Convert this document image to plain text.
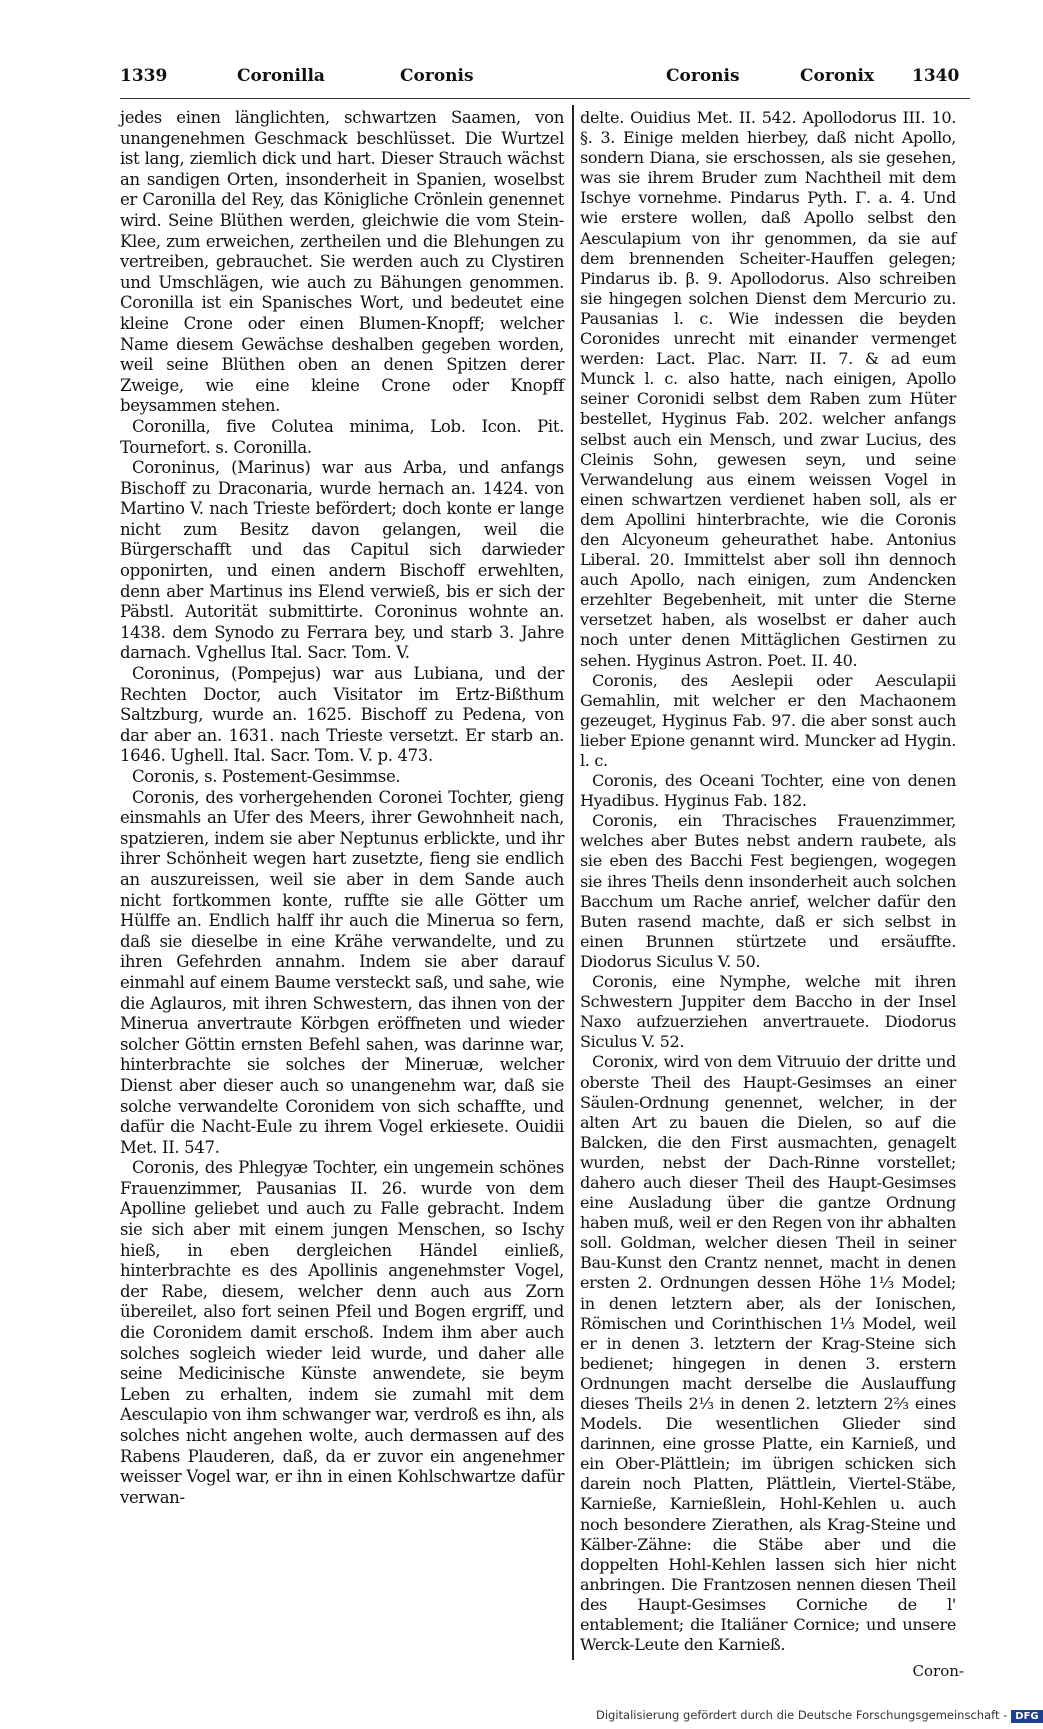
1339	Coronilla	Coronis	Coronis	Coronix 1340

jedes einen länglichten, schwartzen Saamen, von unangenehmen Geschmack beschlüsset. Die Wurtzel ist lang, ziemlich dick und hart. Dieser Strauch wächst an sandigen Orten, insonderheit in Spanien, woselbst er Caronilla del Rey, das Königliche Crönlein genennet wird. Seine Blüthen werden, gleichwie die vom Stein-Klee, zum erweichen, zertheilen und die Blehungen zu vertreiben, gebrauchet. Sie werden auch zu Clystiren und Umschlägen, wie auch zu Bähungen genommen. Coronilla ist ein Spanisches Wort, und bedeutet eine kleine Crone oder einen Blumen-Knopff; welcher Name diesem Gewächse deshalben gegeben worden, weil seine Blüthen oben an denen Spitzen derer Zweige, wie eine kleine Crone oder Knopff beysammen stehen.

Coronilla, five Colutea minima, Lob. Icon. Pit. Tournefort. s. Coronilla.

Coroninus, (Marinus) war aus Arba, und anfangs Bischoff zu Draconaria, wurde hernach an. 1424. von Martino V. nach Trieste befördert; doch konte er lange nicht zum Besitz davon gelangen, weil die Bürgerschafft und das Capitul sich darwieder opponirten, und einen andern Bischoff erwehlten, denn aber Martinus ins Elend verwieß, bis er sich der Päbstl. Autorität submittirte. Coroninus wohnte an. 1438. dem Synodo zu Ferrara bey, und starb 3. Jahre darnach. Vghellus Ital. Sacr. Tom. V.

Coroninus, (Pompejus) war aus Lubiana, und der Rechten Doctor, auch Visitator im Ertz-Bißthum Saltzburg, wurde an. 1625. Bischoff zu Pedena, von dar aber an. 1631. nach Trieste versetzt. Er starb an. 1646. Ughell. Ital. Sacr. Tom. V. p. 473.

Coronis, s. Postement-Gesimmse.

Coronis, des vorhergehenden Coronei Tochter, gieng einsmahls an Ufer des Meers, ihrer Gewohnheit nach, spatzieren, indem sie aber Neptunus erblickte, und ihr ihrer Schönheit wegen hart zusetzte, fieng sie endlich an auszureissen, weil sie aber in dem Sande auch nicht fortkommen konte, ruffte sie alle Götter um Hülffe an. Endlich halff ihr auch die Minerua so fern, daß sie dieselbe in eine Krähe verwandelte, und zu ihren Gefehrden annahm. Indem sie aber darauf einmahl auf einem Baume versteckt saß, und sahe, wie die Aglauros, mit ihren Schwestern, das ihnen von der Minerua anvertraute Körbgen eröffneten und wieder solcher Göttin ernsten Befehl sahen, was darinne war, hinterbrachte sie solches der Mineruæ, welcher Dienst aber dieser auch so unangenehm war, daß sie solche verwandelte Coronidem von sich schaffte, und dafür die Nacht-Eule zu ihrem Vogel erkiesete. Ouidii Met. II. 547.

Coronis, des Phlegyæ Tochter, ein ungemein schönes Frauenzimmer, Pausanias II. 26. wurde von dem Apolline geliebet und auch zu Falle gebracht. Indem sie sich aber mit einem jungen Menschen, so Ischy hieß, in eben dergleichen Händel einließ, hinterbrachte es des Apollinis angenehmster Vogel, der Rabe, diesem, welcher denn auch aus Zorn übereilet, also fort seinen Pfeil und Bogen ergriff, und die Coronidem damit erschoß. Indem ihm aber auch solches sogleich wieder leid wurde, und daher alle seine Medicinische Künste anwendete, sie beym Leben zu erhalten, indem sie zumahl mit dem Aesculapio von ihm schwanger war, verdroß es ihn, als solches nicht angehen wolte, auch dermassen auf des Rabens Plauderen, daß, da er zuvor ein angenehmer weisser Vogel war, er ihn in einen Kohlschwartze dafür verwan-

delte. Ouidius Met. II. 542. Apollodorus III. 10. §. 3. Einige melden hierbey, daß nicht Apollo, sondern Diana, sie erschossen, als sie gesehen, was sie ihrem Bruder zum Nachtheil mit dem Ischye vornehme. Pindarus Pyth. Γ. a. 4. Und wie erstere wollen, daß Apollo selbst den Aesculapium von ihr genommen, da sie auf dem brennenden Scheiter-Hauffen gelegen; Pindarus ib. β. 9. Apollodorus. Also schreiben sie hingegen solchen Dienst dem Mercurio zu. Pausanias l. c. Wie indessen die beyden Coronides unrecht mit einander vermenget werden: Lact. Plac. Narr. II. 7. & ad eum Munck l. c. also hatte, nach einigen, Apollo seiner Coronidi selbst dem Raben zum Hüter bestellet, Hyginus Fab. 202. welcher anfangs selbst auch ein Mensch, und zwar Lucius, des Cleinis Sohn, gewesen seyn, und seine Verwandelung aus einem weissen Vogel in einen schwartzen verdienet haben soll, als er dem Apollini hinterbrachte, wie die Coronis den Alcyoneum geheurathet habe. Antonius Liberal. 20. Immittelst aber soll ihn dennoch auch Apollo, nach einigen, zum Andencken erzehlter Begebenheit, mit unter die Sterne versetzet haben, als woselbst er daher auch noch unter denen Mittäglichen Gestirnen zu sehen. Hyginus Astron. Poet. II. 40.

Coronis, des Aeslepii oder Aesculapii Gemahlin, mit welcher er den Machaonem gezeuget, Hyginus Fab. 97. die aber sonst auch lieber Epione genannt wird. Muncker ad Hygin. l. c.

Coronis, des Oceani Tochter, eine von denen Hyadibus. Hyginus Fab. 182.

Coronis, ein Thracisches Frauenzimmer, welches aber Butes nebst andern raubete, als sie eben des Bacchi Fest begiengen, wogegen sie ihres Theils denn insonderheit auch solchen Bacchum um Rache anrief, welcher dafür den Buten rasend machte, daß er sich selbst in einen Brunnen stürtzete und ersäuffte. Diodorus Siculus V. 50.

Coronis, eine Nymphe, welche mit ihren Schwestern Juppiter dem Baccho in der Insel Naxo aufzuerziehen anvertrauete. Diodorus Siculus V. 52.

Coronix, wird von dem Vitruuio der dritte und oberste Theil des Haupt-Gesimses an einer Säulen-Ordnung genennet, welcher, in der alten Art zu bauen die Dielen, so auf die Balcken, die den First ausmachten, genagelt wurden, nebst der Dach-Rinne vorstellet; dahero auch dieser Theil des Haupt-Gesimses eine Ausladung über die gantze Ordnung haben muß, weil er den Regen von ihr abhalten soll. Goldman, welcher diesen Theil in seiner Bau-Kunst den Crantz nennet, macht in denen ersten 2. Ordnungen dessen Höhe 1⅓ Model; in denen letztern aber, als der Ionischen, Römischen und Corinthischen 1⅓ Model, weil er in denen 3. letztern der Krag-Steine sich bedienet; hingegen in denen 3. erstern Ordnungen macht derselbe die Auslauffung dieses Theils 2⅓ in denen 2. letztern 2⅔ eines Models. Die wesentlichen Glieder sind darinnen, eine grosse Platte, ein Karnieß, und ein Ober-Plättlein; im übrigen schicken sich darein noch Platten, Plättlein, Viertel-Stäbe, Karnieße, Karnießlein, Hohl-Kehlen u. auch noch besondere Zierathen, als Krag-Steine und Kälber-Zähne: die Stäbe aber und die doppelten Hohl-Kehlen lassen sich hier nicht anbringen. Die Frantzosen nennen diesen Theil des Haupt-Gesimses Corniche de l' entablement; die Italiäner Cornice; und unsere Werck-Leute den Karnieß.

Coron-
Digitalisierung gefördert durch die Deutsche Forschungsgemeinschaft - DFG
